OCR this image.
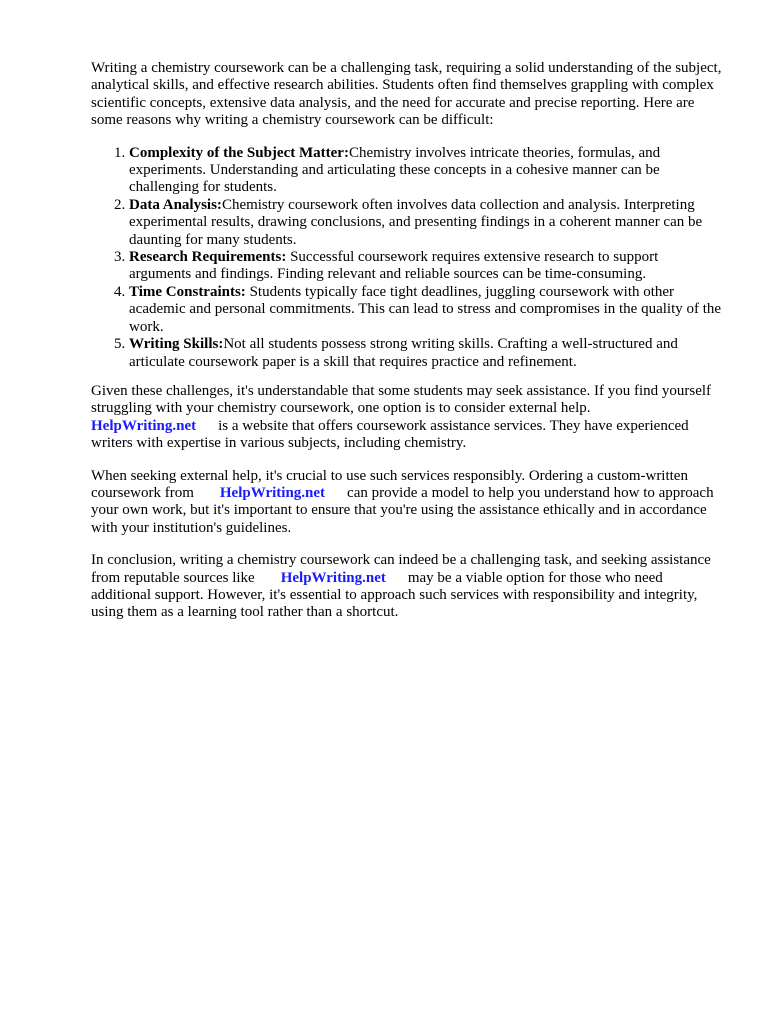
Writing a chemistry coursework can be a challenging task, requiring a solid understanding of the subject, analytical skills, and effective research abilities. Students often find themselves grappling with complex scientific concepts, extensive data analysis, and the need for accurate and precise reporting. Here are some reasons why writing a chemistry coursework can be difficult:

1. Complexity of the Subject Matter:Chemistry involves intricate theories, formulas, and experiments. Understanding and articulating these concepts in a cohesive manner can be challenging for students.
2. Data Analysis:Chemistry coursework often involves data collection and analysis. Interpreting experimental results, drawing conclusions, and presenting findings in a coherent manner can be daunting for many students.
3. Research Requirements: Successful coursework requires extensive research to support arguments and findings. Finding relevant and reliable sources can be time-consuming.
4. Time Constraints: Students typically face tight deadlines, juggling coursework with other academic and personal commitments. This can lead to stress and compromises in the quality of the work.
5. Writing Skills:Not all students possess strong writing skills. Crafting a well-structured and articulate coursework paper is a skill that requires practice and refinement.

Given these challenges, it's understandable that some students may seek assistance. If you find yourself struggling with your chemistry coursework, one option is to consider external help.
HelpWriting.net is a website that offers coursework assistance services. They have experienced writers with expertise in various subjects, including chemistry.

When seeking external help, it's crucial to use such services responsibly. Ordering a custom-written coursework from HelpWriting.net can provide a model to help you understand how to approach your own work, but it's important to ensure that you're using the assistance ethically and in accordance with your institution's guidelines.

In conclusion, writing a chemistry coursework can indeed be a challenging task, and seeking assistance from reputable sources like HelpWriting.net may be a viable option for those who need additional support. However, it's essential to approach such services with responsibility and integrity, using them as a learning tool rather than a shortcut.
